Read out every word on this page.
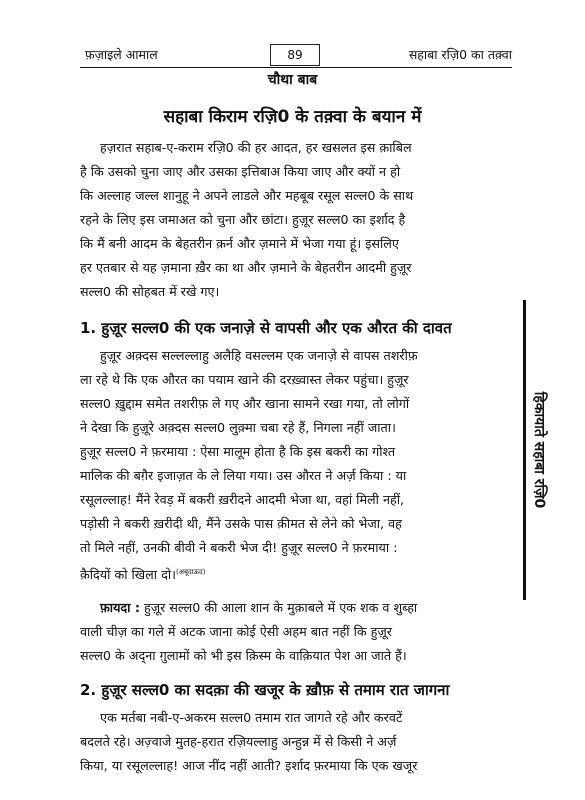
फ़ज़ाइले आमाल	89	सहाबा रज़ि0 का तक़्वा
चौथा बाब
सहाबा किराम रज़ि0 के तक़्वा के बयान में
हज़रात सहाब-ए-कराम रज़ि0 की हर आदत, हर खसलत इस क़ाबिल
है कि उसको चुना जाए और उसका इत्तिबाअ किया जाए और क्यों न हो
कि अल्लाह जल्ल शानुहू ने अपने लाडले और महबूब रसूल सल्ल0 के साथ
रहने के लिए इस जमाअत को चुना और छांटा। हुज़ूर सल्ल0 का इर्शाद है
कि मैं बनी आदम के बेहतरीन क़र्न और ज़माने में भेजा गया हूं। इसलिए
हर एतबार से यह ज़माना ख़ैर का था और ज़माने के बेहतरीन आदमी हुज़ूर
सल्ल0 की सोहबत में रखे गए।
1. हुज़ूर सल्ल0 की एक जनाज़े से वापसी और एक औरत की दावत
हुज़ूर अक़्दस सल्लल्लाहु अलैहि वसल्लम एक जनाज़े से वापस तशरीफ़
ला रहे थे कि एक औरत का पयाम खाने की दरख़्वास्त लेकर पहुंचा। हुज़ूर
सल्ल0 ख़ुद्दाम समेत तशरीफ़ ले गए और खाना सामने रखा गया, तो लोगों
ने देखा कि हुज़ूरे अक़्दस सल्ल0 लुक़्मा चबा रहे हैं, निगला नहीं जाता।
हुज़ूर सल्ल0 ने फ़रमाया : ऐसा मालूम होता है कि इस बकरी का गोश्त
मालिक की बग़ैर इजाज़त के ले लिया गया। उस औरत ने अर्ज़ किया : या
रसूलल्लाह! मैंने रेवड़ में बकरी ख़रीदने आदमी भेजा था, वहां मिली नहीं,
पड़ोसी ने बकरी ख़रीदी थी, मैंने उसके पास क़ीमत से लेने को भेजा, वह
तो मिले नहीं, उनकी बीवी ने बकरी भेज दी! हुज़ूर सल्ल0 ने फ़रमाया :
क़ैदियों को खिला दो।$^{(अबूदाऊद)}$
फ़ायदा : हुज़ूर सल्ल0 की आला शान के मुक़ाबले में एक शक व शुब्हा
वाली चीज़ का गले में अटक जाना कोई ऐसी अहम बात नहीं कि हुज़ूर
सल्ल0 के अद्ना ग़ुलामों को भी इस क़िस्म के वाक़ियात पेश आ जाते हैं।
2. हुज़ूर सल्ल0 का सदक़ा की खजूर के ख़ौफ़ से तमाम रात जागना
एक मर्तबा नबी-ए-अकरम सल्ल0 तमाम रात जागते रहे और करवटें
बदलते रहे। अज़्वाजे मुतह-हरात रज़ियल्लाहु अन्हुन्न में से किसी ने अर्ज़
किया, या रसूलल्लाह! आज नींद नहीं आती? इर्शाद फ़रमाया कि एक खजूर
हिकायाते सहाबा रज़ि0
